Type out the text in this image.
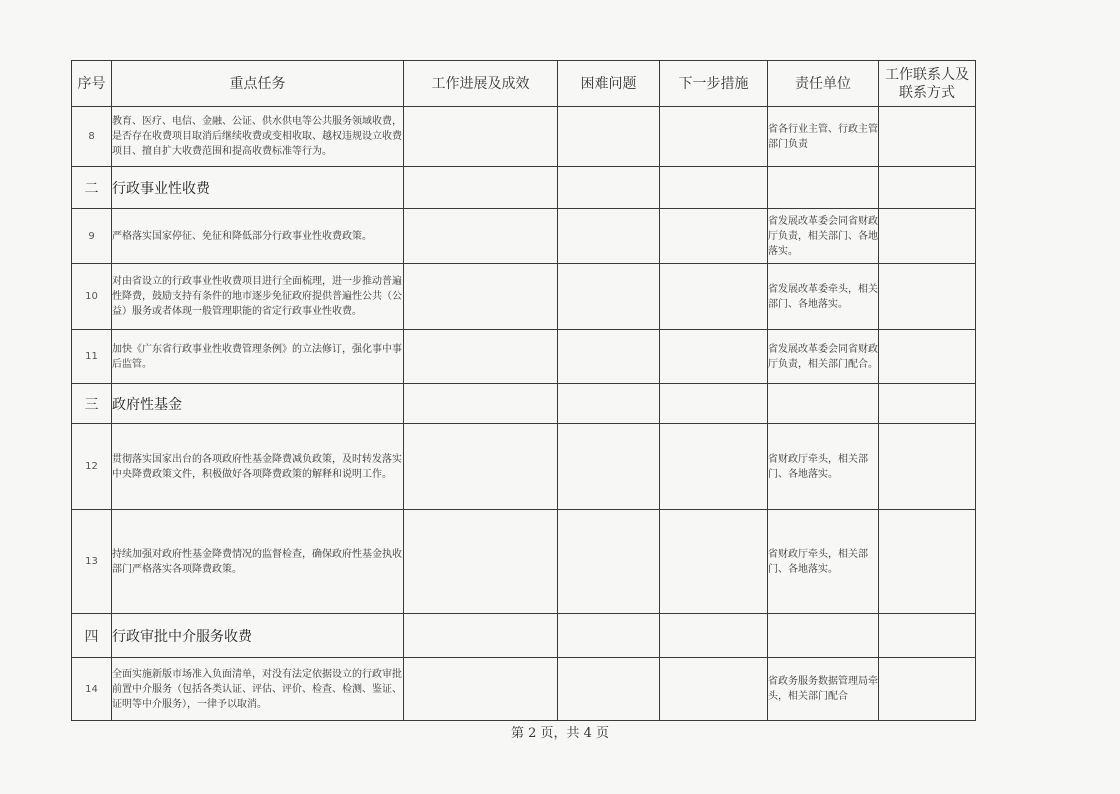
序号	重点任务	工作进展及成效	困难问题	下一步措施	责任单位	工作联系人及联系方式
8	教育、医疗、电信、金融、公证、供水供电等公共服务领域收费，是否存在收费项目取消后继续收费或变相收取、越权违规设立收费项目、擅自扩大收费范围和提高收费标准等行为。				省各行业主管、行政主管部门负责	
二	行政事业性收费					
9	严格落实国家停征、免征和降低部分行政事业性收费政策。				省发展改革委会同省财政厅负责，相关部门、各地落实。	
10	对由省设立的行政事业性收费项目进行全面梳理，进一步推动普遍性降费，鼓励支持有条件的地市逐步免征政府提供普遍性公共（公益）服务或者体现一般管理职能的省定行政事业性收费。				省发展改革委牵头，相关部门、各地落实。	
11	加快《广东省行政事业性收费管理条例》的立法修订，强化事中事后监管。				省发展改革委会同省财政厅负责，相关部门配合。	
三	政府性基金					
12	贯彻落实国家出台的各项政府性基金降费减负政策，及时转发落实中央降费政策文件，积极做好各项降费政策的解释和说明工作。				省财政厅牵头，相关部门、各地落实。	
13	持续加强对政府性基金降费情况的监督检查，确保政府性基金执收部门严格落实各项降费政策。				省财政厅牵头，相关部门、各地落实。	
四	行政审批中介服务收费					
14	全面实施新版市场准入负面清单，对没有法定依据设立的行政审批前置中介服务（包括各类认证、评估、评价、检查、检测、鉴证、证明等中介服务），一律予以取消。				省政务服务数据管理局牵头，相关部门配合	
第 2 页，共 4 页
